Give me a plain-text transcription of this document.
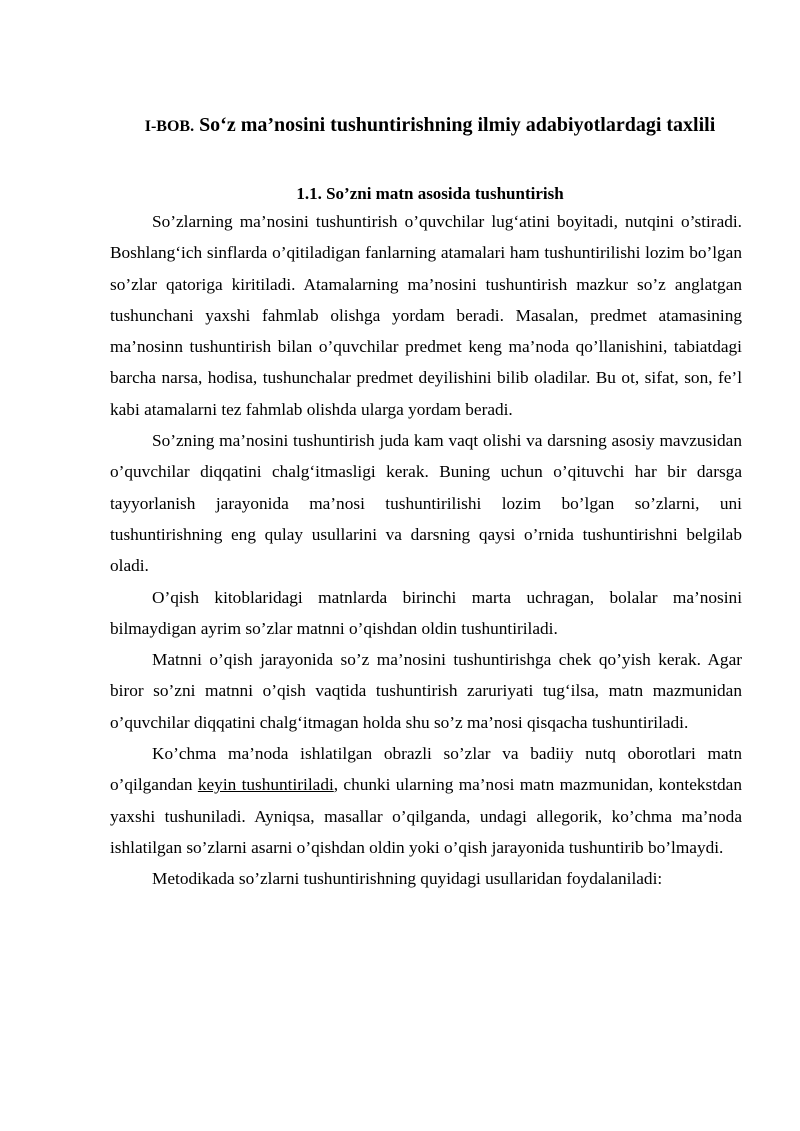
I-BOB. So‘z ma’nosini tushuntirishning ilmiy adabiyotlardagi taxlili
1.1. So’zni matn asosida tushuntirish

So’zlarning ma’nosini tushuntirish o’quvchilar lug‘atini boyitadi, nutqini o’stiradi. Boshlang‘ich sinflarda o’qitiladigan fanlarning atamalari ham tushuntirilishi lozim bo’lgan so’zlar qatoriga kiritiladi. Atamalarning ma’nosini tushuntirish mazkur so’z anglatgan tushunchani yaxshi fahmlab olishga yordam beradi. Masalan, predmet atamasining ma’nosinn tushuntirish bilan o’quvchilar predmet keng ma’noda qo’llanishini, tabiatdagi barcha narsa, hodisa, tushunchalar predmet deyilishini bilib oladilar. Bu ot, sifat, son, fe’l kabi atamalarni tez fahmlab olishda ularga yordam beradi.

So’zning ma’nosini tushuntirish juda kam vaqt olishi va darsning asosiy mavzusidan o’quvchilar diqqatini chalg‘itmasligi kerak. Buning uchun o’qituvchi har bir darsga tayyorlanish jarayonida ma’nosi tushuntirilishi lozim bo’lgan so’zlarni, uni tushuntirishning eng qulay usullarini va darsning qaysi o’rnida tushuntirishni belgilab oladi.

O’qish kitoblaridagi matnlarda birinchi marta uchragan, bolalar ma’nosini bilmaydigan ayrim so’zlar matnni o’qishdan oldin tushuntiriladi.

Matnni o’qish jarayonida so’z ma’nosini tushuntirishga chek qo’yish kerak. Agar biror so’zni matnni o’qish vaqtida tushuntirish zaruriyati tug‘ilsa, matn mazmunidan o’quvchilar diqqatini chalg‘itmagan holda shu so’z ma’nosi qisqacha tushuntiriladi.

Ko’chma ma’noda ishlatilgan obrazli so’zlar va badiiy nutq oborotlari matn o’qilgandan keyin tushuntiriladi, chunki ularning ma’nosi matn mazmunidan, kontekstdan yaxshi tushuniladi. Ayniqsa, masallar o’qilganda, undagi allegorik, ko’chma ma’noda ishlatilgan so’zlarni asarni o’qishdan oldin yoki o’qish jarayonida tushuntirib bo’lmaydi.

Metodikada so’zlarni tushuntirishning quyidagi usullaridan foydalaniladi:
